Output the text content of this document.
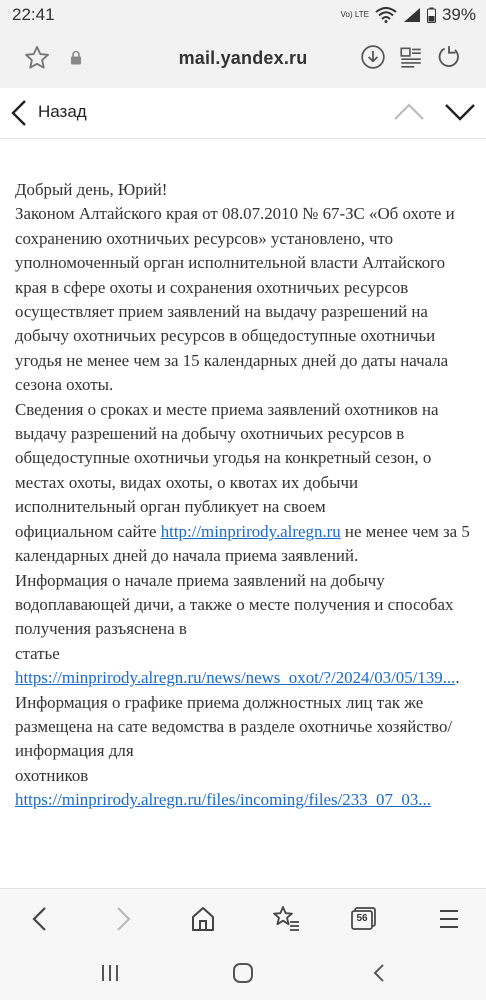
22:41	Vo) LTE	39%
mail.yandex.ru
Назад

Добрый день, Юрий!

Законом Алтайского края от 08.07.2010 № 67-ЗС «Об охоте и сохранению охотничьих ресурсов» установлено, что уполномоченный орган исполнительной власти Алтайского края в сфере охоты и сохранения охотничьих ресурсов осуществляет прием заявлений на выдачу разрешений на добычу охотничьих ресурсов в общедоступные охотничьи угодья не менее чем за 15 календарных дней до даты начала сезона охоты.

Сведения о сроках и месте приема заявлений охотников на выдачу разрешений на добычу охотничьих ресурсов в общедоступные охотничьи угодья на конкретный сезон, о местах охоты, видах охоты, о квотах их добычи исполнительный орган публикует на своем

официальном сайте http://minprirody.alregn.ru не менее чем за 5 календарных дней до начала приема заявлений.

Информация о начале приема заявлений на добычу водоплавающей дичи, а также о месте получения и способах получения разъяснена в

статье https://minprirody.alregn.ru/news/news_oxot/?/2024/03/05/139....

Информация о графике приема должностных лиц так же размещена на сате ведомства в разделе охотничье хозяйство/информация для

охотников https://minprirody.alregn.ru/files/incoming/files/233_07_03...

56
